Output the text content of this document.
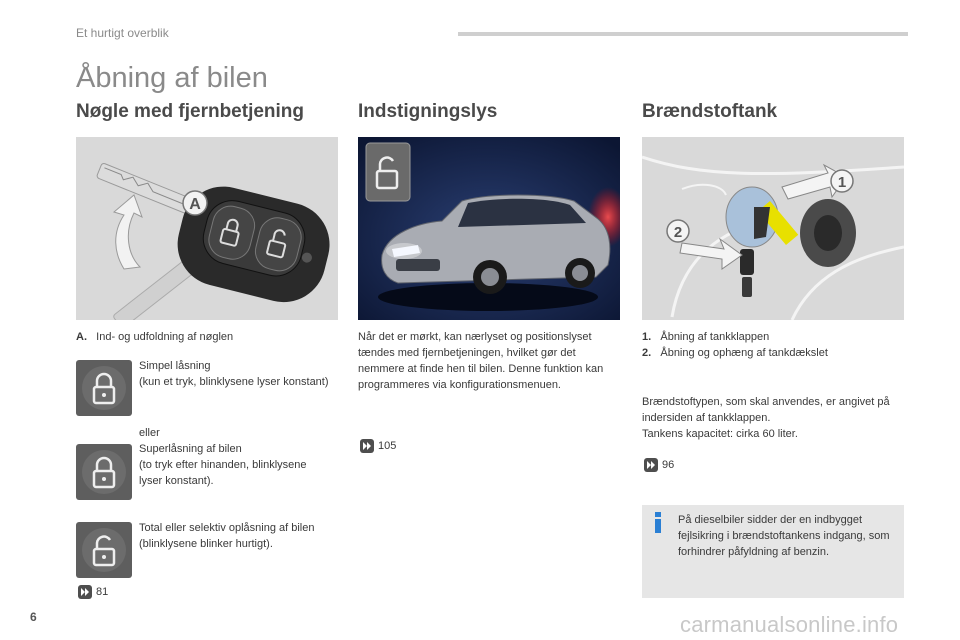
Et hurtigt overblik
Åbning af bilen
Nøgle med fjernbetjening
A
A. Ind- og udfoldning af nøglen
Simpel låsning
(kun et tryk, blinklysene lyser konstant)
eller
Superlåsning af bilen
(to tryk efter hinanden, blinklysene lyser konstant).
Total eller selektiv oplåsning af bilen
(blinklysene blinker hurtigt).
81
Indstigningslys
Når det er mørkt, kan nærlyset og positionslyset tændes med fjernbetjeningen, hvilket gør det nemmere at finde hen til bilen. Denne funktion kan programmeres via konfigurationsmenuen.
105
Brændstoftank
1
2
1. Åbning af tankklappen
2. Åbning og ophæng af tankdækslet
Brændstoftypen, som skal anvendes, er angivet på indersiden af tankklappen.
Tankens kapacitet: cirka 60 liter.
96
På dieselbiler sidder der en indbygget fejlsikring i brændstoftankens indgang, som forhindrer påfyldning af benzin.
6	carmanualsonline.info
